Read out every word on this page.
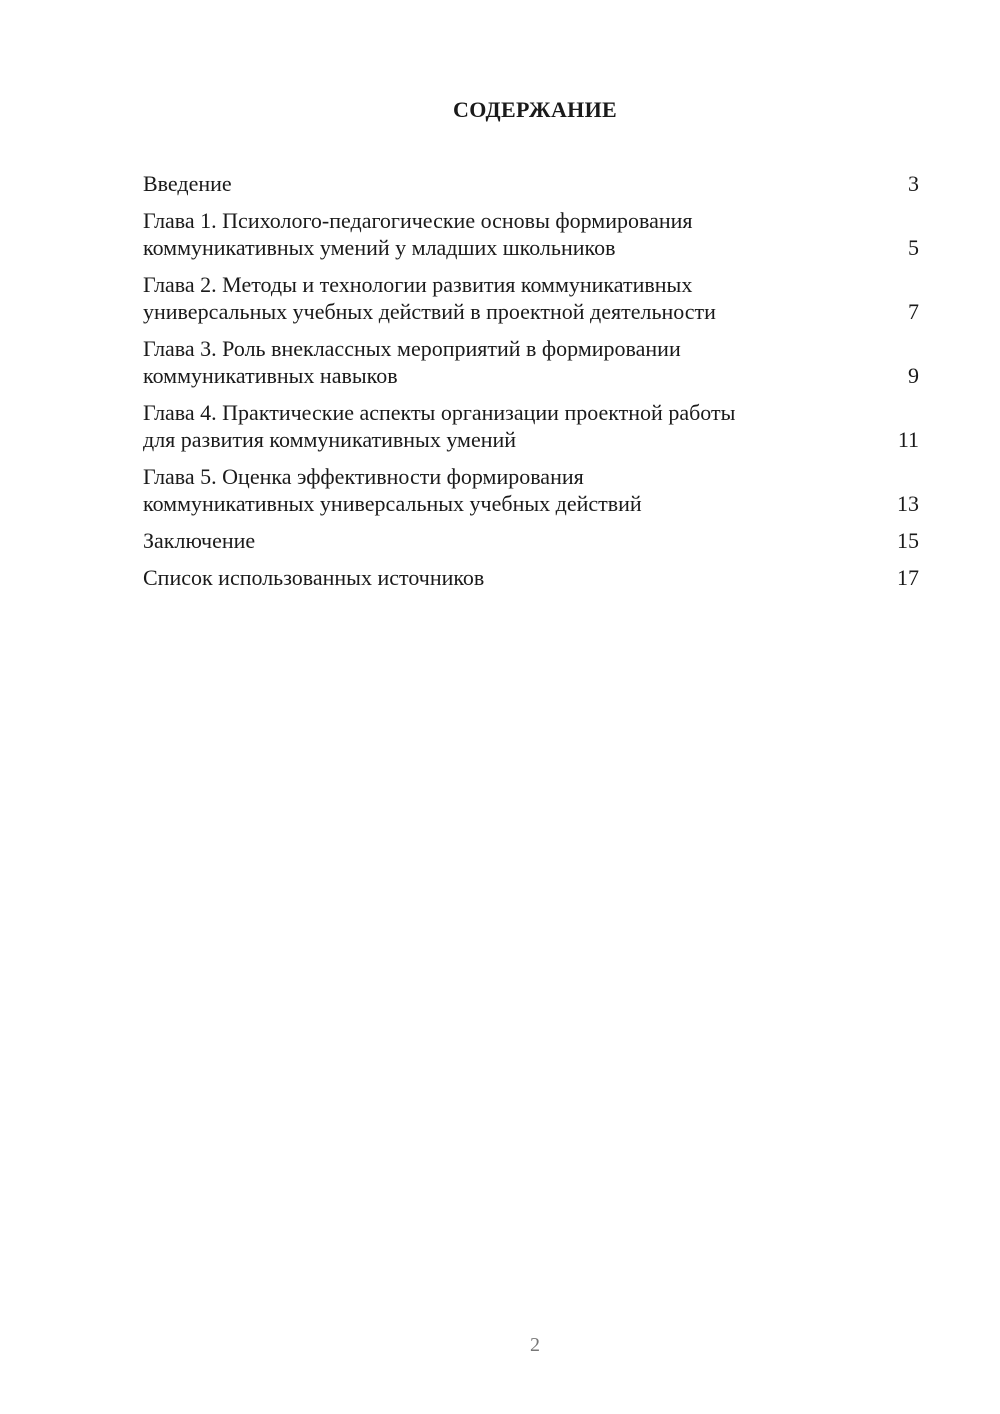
СОДЕРЖАНИЕ
Введение	3
Глава 1. Психолого-педагогические основы формирования
коммуникативных умений у младших школьников	5
Глава 2. Методы и технологии развития коммуникативных
универсальных учебных действий в проектной деятельности	7
Глава 3. Роль внеклассных мероприятий в формировании
коммуникативных навыков	9
Глава 4. Практические аспекты организации проектной работы
для развития коммуникативных умений	11
Глава 5. Оценка эффективности формирования
коммуникативных универсальных учебных действий	13
Заключение	15
Список использованных источников	17
2
